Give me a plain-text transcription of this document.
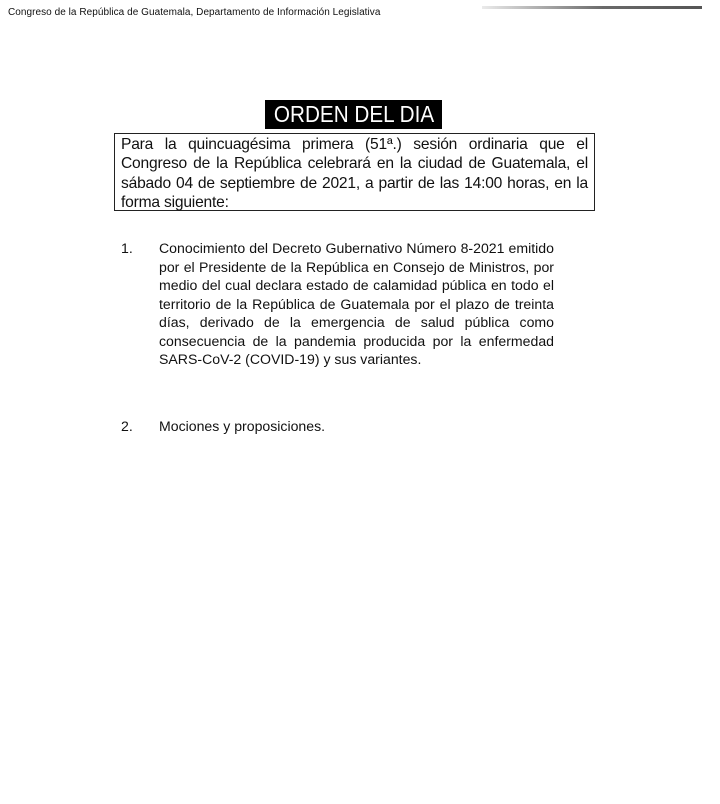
Congreso de la República de Guatemala, Departamento de Información Legislativa
ORDEN DEL DIA

Para la quincuagésima primera (51ª.) sesión ordinaria que el Congreso de la República celebrará en la ciudad de Guatemala, el sábado 04 de septiembre de 2021, a partir de las 14:00 horas, en la forma siguiente:

1. Conocimiento del Decreto Gubernativo Número 8-2021 emitido por el Presidente de la República en Consejo de Ministros, por medio del cual declara estado de calamidad pública en todo el territorio de la República de Guatemala por el plazo de treinta días, derivado de la emergencia de salud pública como consecuencia de la pandemia producida por la enfermedad SARS-CoV-2 (COVID-19) y sus variantes.
2. Mociones y proposiciones.
